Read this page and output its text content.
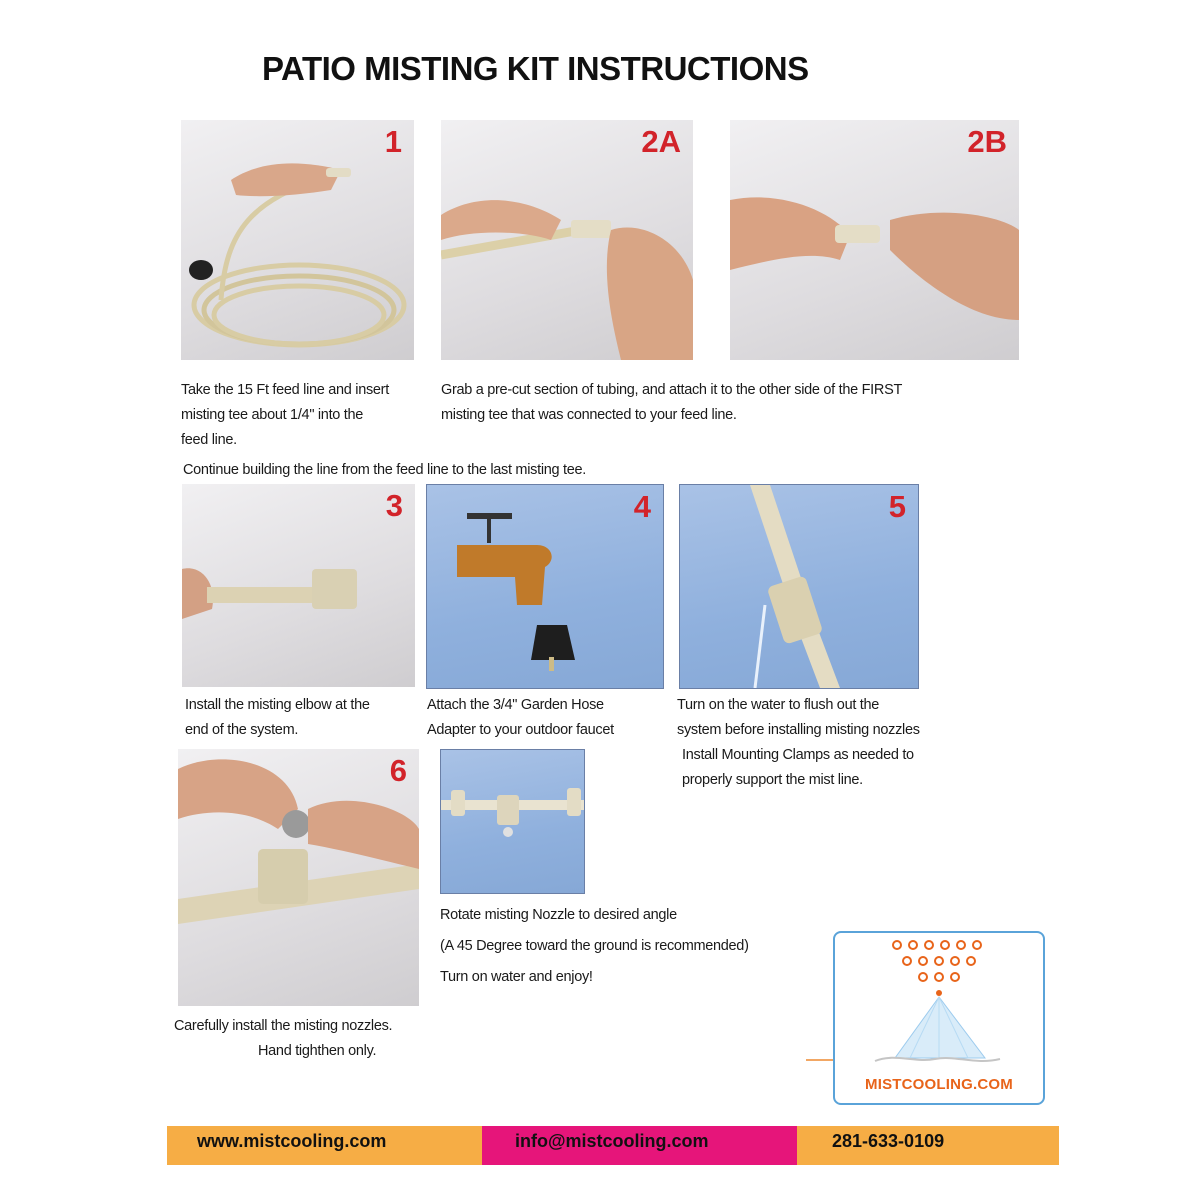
PATIO MISTING KIT INSTRUCTIONS
1	2A	2B
Take the 15 Ft feed line and insert
misting tee about 1/4" into the
feed line.
Grab a pre-cut section of tubing, and attach it to the other side of the FIRST
misting tee that was connected to your feed line.
Continue building the line from the feed line to the last misting tee.
3	4	5
Install the misting elbow at the
end of the system.
Attach the 3/4" Garden Hose
Adapter to your outdoor faucet
Turn on the water to flush out the
system before installing misting nozzles
Install Mounting Clamps as needed to
properly support the mist line.
6
Carefully install the misting nozzles.
Hand tighthen only.
Rotate misting Nozzle to desired angle
(A 45 Degree toward the ground is recommended)
Turn on water and enjoy!
MISTCOOLING.COM
www.mistcooling.com	info@mistcooling.com	281-633-0109
